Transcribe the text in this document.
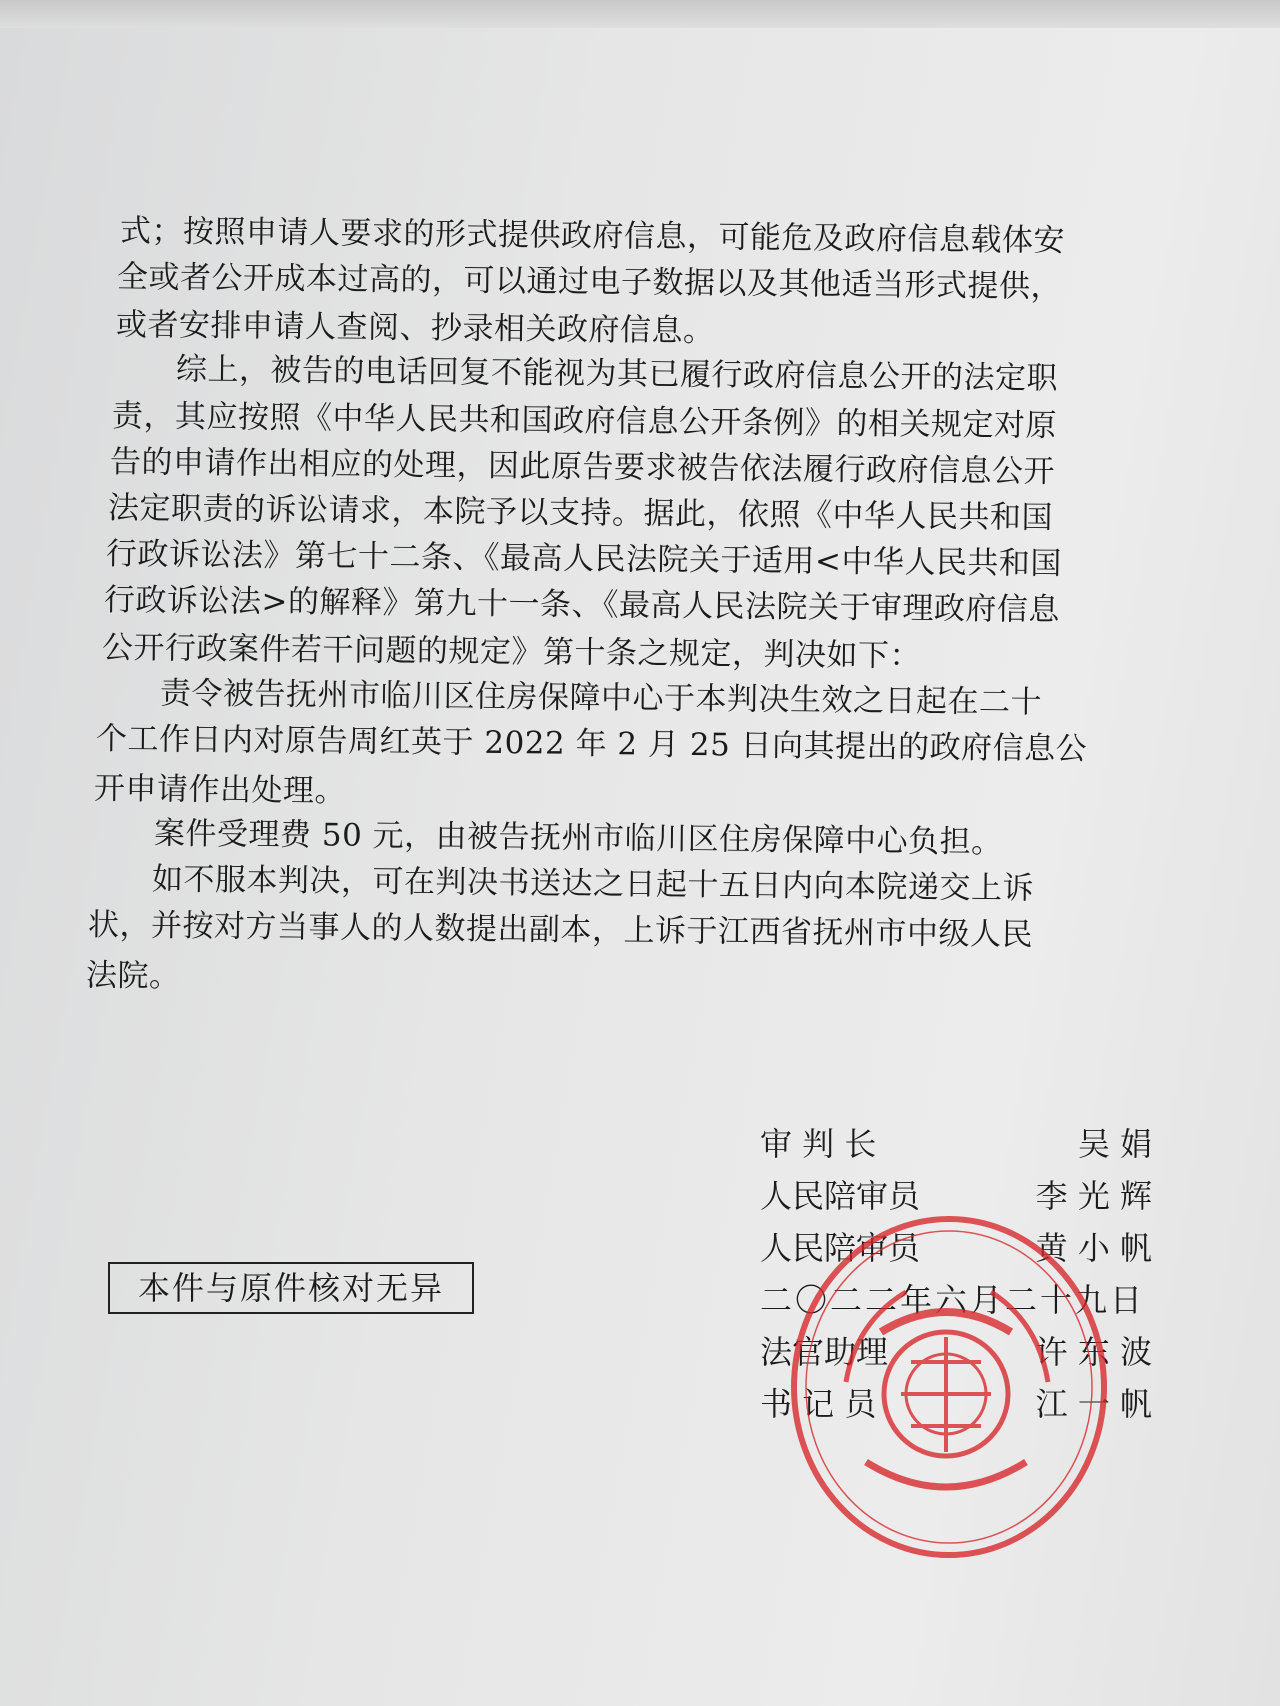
式；按照申请人要求的形式提供政府信息，可能危及政府信息载体安

全或者公开成本过高的，可以通过电子数据以及其他适当形式提供，

或者安排申请人查阅、抄录相关政府信息。

综上，被告的电话回复不能视为其已履行政府信息公开的法定职

责，其应按照《中华人民共和国政府信息公开条例》的相关规定对原

告的申请作出相应的处理，因此原告要求被告依法履行政府信息公开

法定职责的诉讼请求，本院予以支持。据此，依照《中华人民共和国

行政诉讼法》第七十二条、《最高人民法院关于适用<中华人民共和国

行政诉讼法>的解释》第九十一条、《最高人民法院关于审理政府信息

公开行政案件若干问题的规定》第十条之规定，判决如下：

责令被告抚州市临川区住房保障中心于本判决生效之日起在二十

个工作日内对原告周红英于 2022 年 2 月 25 日向其提出的政府信息公

开申请作出处理。

案件受理费 50 元，由被告抚州市临川区住房保障中心负担。

如不服本判决，可在判决书送达之日起十五日内向本院递交上诉

状，并按对方当事人的人数提出副本，上诉于江西省抚州市中级人民

法院。

本件与原件核对无异
审 判 长	吴 娟
人民陪审员	李 光 辉
人民陪审员	黄 小 帆
二〇二二年六月二十九日
法官助理	许 东 波
书 记 员	江 一 帆
